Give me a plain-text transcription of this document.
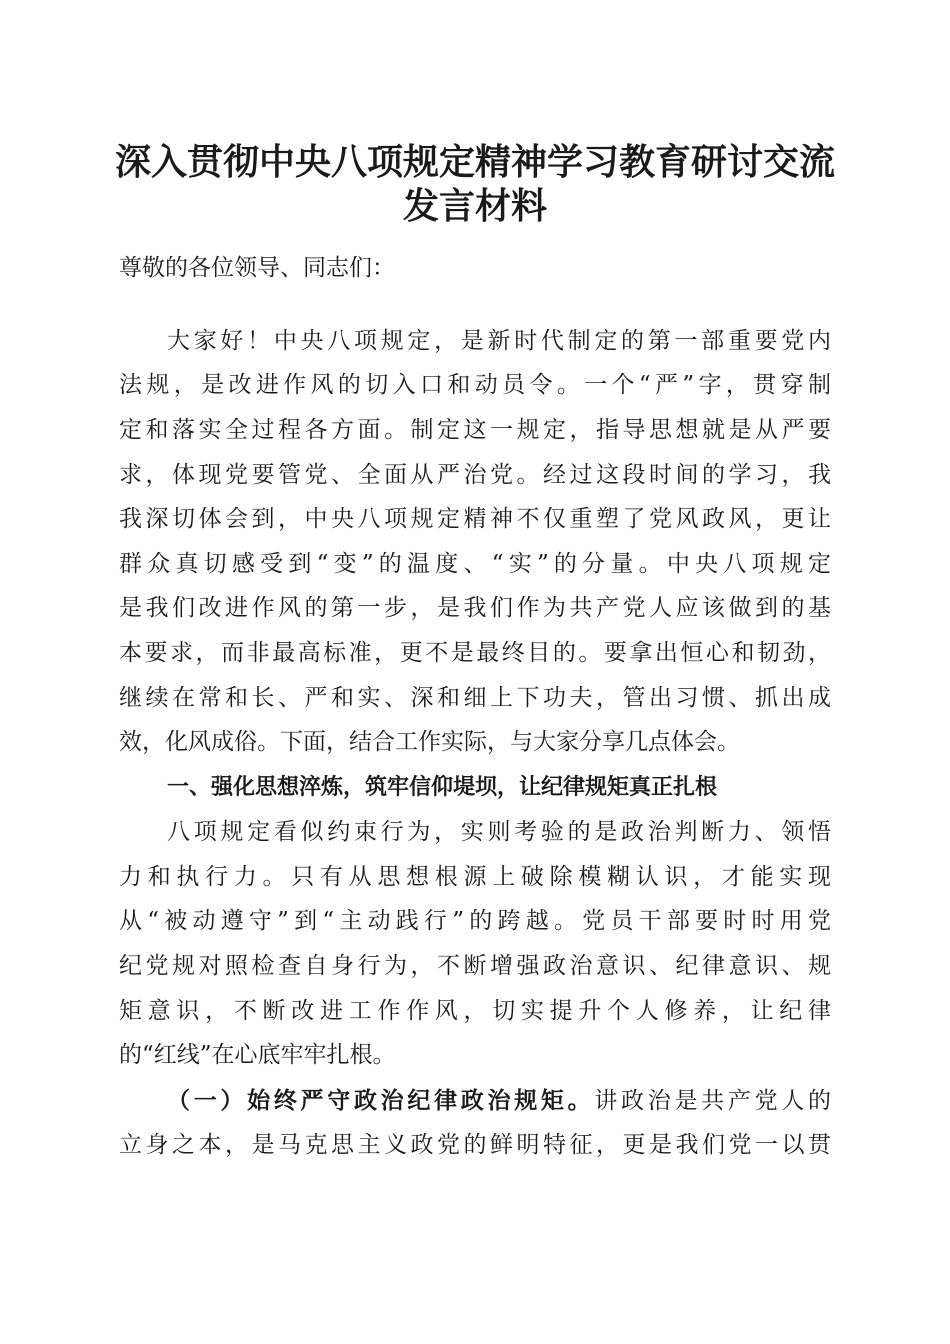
深入贯彻中央八项规定精神学习教育研讨交流
发言材料

尊敬的各位领导、同志们：

大家好！中央八项规定，是新时代制定的第一部重要党内

法规，是改进作风的切入口和动员令。一个“严”字，贯穿制

定和落实全过程各方面。制定这一规定，指导思想就是从严要

求，体现党要管党、全面从严治党。经过这段时间的学习，我

我深切体会到，中央八项规定精神不仅重塑了党风政风，更让

群众真切感受到“变”的温度、“实”的分量。中央八项规定

是我们改进作风的第一步，是我们作为共产党人应该做到的基

本要求，而非最高标准，更不是最终目的。要拿出恒心和韧劲，

继续在常和长、严和实、深和细上下功夫，管出习惯、抓出成

效，化风成俗。下面，结合工作实际，与大家分享几点体会。

一、强化思想淬炼，筑牢信仰堤坝，让纪律规矩真正扎根

八项规定看似约束行为，实则考验的是政治判断力、领悟

力和执行力。只有从思想根源上破除模糊认识，才能实现

从“被动遵守”到“主动践行”的跨越。党员干部要时时用党

纪党规对照检查自身行为，不断增强政治意识、纪律意识、规

矩意识，不断改进工作作风，切实提升个人修养，让纪律

的“红线”在心底牢牢扎根。

（一）始终严守政治纪律政治规矩。讲政治是共产党人的

立身之本，是马克思主义政党的鲜明特征，更是我们党一以贯
